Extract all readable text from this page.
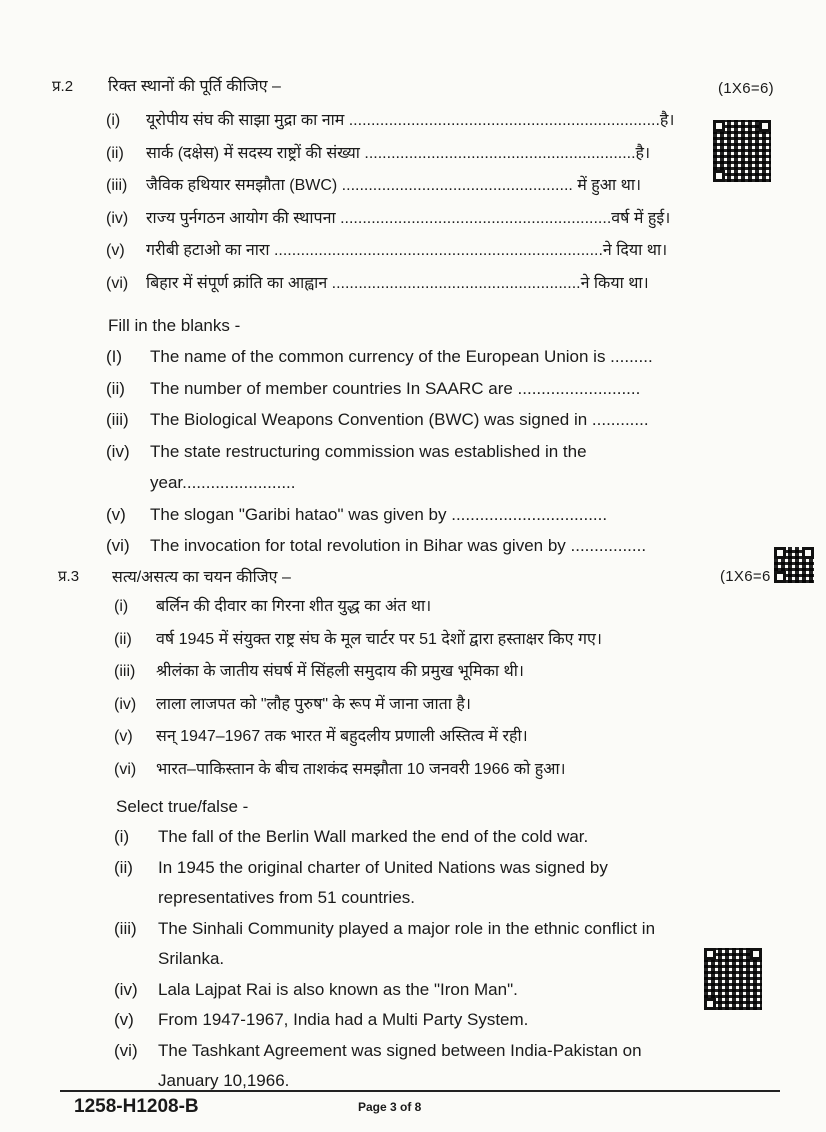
प्र.2 रिक्त स्थानों की पूर्ति कीजिए –	(1X6=6)
(i) यूरोपीय संघ की साझा मुद्रा का नाम ......................................................................है।
(ii) सार्क (दक्षेस) में सदस्य राष्ट्रों की संख्या .............................................................है।
(iii) जैविक हथियार समझौता (BWC) .................................................... में हुआ था।
(iv) राज्य पुर्नगठन आयोग की स्थापना .............................................................वर्ष में हुई।
(v) गरीबी हटाओ का नारा ..........................................................................ने दिया था।
(vi) बिहार में संपूर्ण क्रांति का आह्वान ........................................................ने किया था।
Fill in the blanks -
(I) The name of the common currency of the European Union is .........
(ii) The number of member countries In SAARC are ..........................
(iii) The Biological Weapons Convention (BWC) was signed in ............
(iv) The state restructuring commission was established in the
year........................
(v) The slogan "Garibi hatao" was given by .................................
(vi) The invocation for total revolution in Bihar was given by ................
प्र.3 सत्य/असत्य का चयन कीजिए –	(1X6=6
(i) बर्लिन की दीवार का गिरना शीत युद्ध का अंत था।
(ii) वर्ष 1945 में संयुक्त राष्ट्र संघ के मूल चार्टर पर 51 देशों द्वारा हस्ताक्षर किए गए।
(iii) श्रीलंका के जातीय संघर्ष में सिंहली समुदाय की प्रमुख भूमिका थी।
(iv) लाला लाजपत को "लौह पुरुष" के रूप में जाना जाता है।
(v) सन् 1947–1967 तक भारत में बहुदलीय प्रणाली अस्तित्व में रही।
(vi) भारत–पाकिस्तान के बीच ताशकंद समझौता 10 जनवरी 1966 को हुआ।
Select true/false -
(i) The fall of the Berlin Wall marked the end of the cold war.
(ii) In 1945 the original charter of United Nations was signed by
representatives from 51 countries.
(iii) The Sinhali Community played a major role in the ethnic conflict in
Srilanka.
(iv) Lala Lajpat Rai is also known as the "Iron Man".
(v) From 1947-1967, India had a Multi Party System.
(vi) The Tashkant Agreement was signed between India-Pakistan on
January 10,1966.
1258-H1208-B	Page 3 of 8
